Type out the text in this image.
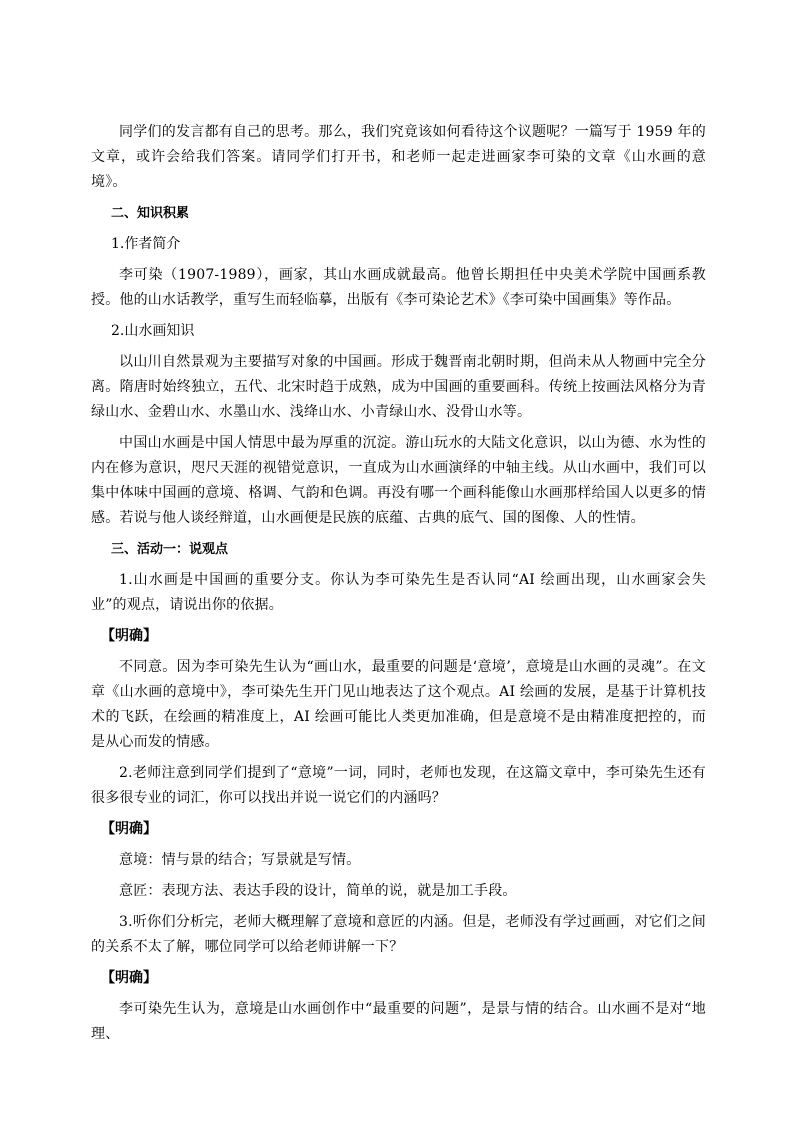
同学们的发言都有自己的思考。那么，我们究竟该如何看待这个议题呢？一篇写于 1959 年的文章，或许会给我们答案。请同学们打开书，和老师一起走进画家李可染的文章《山水画的意境》。

二、知识积累

1.作者简介

李可染（1907-1989），画家，其山水画成就最高。他曾长期担任中央美术学院中国画系教授。他的山水话教学，重写生而轻临摹，出版有《李可染论艺术》《李可染中国画集》等作品。

2.山水画知识

以山川自然景观为主要描写对象的中国画。形成于魏晋南北朝时期，但尚未从人物画中完全分离。隋唐时始终独立，五代、北宋时趋于成熟，成为中国画的重要画科。传统上按画法风格分为青绿山水、金碧山水、水墨山水、浅绛山水、小青绿山水、没骨山水等。

中国山水画是中国人情思中最为厚重的沉淀。游山玩水的大陆文化意识，以山为德、水为性的内在修为意识，咫尺天涯的视错觉意识，一直成为山水画演绎的中轴主线。从山水画中，我们可以集中体味中国画的意境、格调、气韵和色调。再没有哪一个画科能像山水画那样给国人以更多的情感。若说与他人谈经辩道，山水画便是民族的底蕴、古典的底气、国的图像、人的性情。

三、活动一：说观点

1.山水画是中国画的重要分支。你认为李可染先生是否认同“AI 绘画出现，山水画家会失业”的观点，请说出你的依据。

【明确】

不同意。因为李可染先生认为“画山水，最重要的问题是‘意境’，意境是山水画的灵魂”。在文章《山水画的意境中》，李可染先生开门见山地表达了这个观点。AI 绘画的发展，是基于计算机技术的飞跃，在绘画的精准度上，AI 绘画可能比人类更加准确，但是意境不是由精准度把控的，而是从心而发的情感。

2.老师注意到同学们提到了“意境”一词，同时，老师也发现，在这篇文章中，李可染先生还有很多很专业的词汇，你可以找出并说一说它们的内涵吗？

【明确】

意境：情与景的结合；写景就是写情。

意匠：表现方法、表达手段的设计，简单的说，就是加工手段。

3.听你们分析完，老师大概理解了意境和意匠的内涵。但是，老师没有学过画画，对它们之间的关系不太了解，哪位同学可以给老师讲解一下？

【明确】

李可染先生认为，意境是山水画创作中“最重要的问题”，是景与情的结合。山水画不是对“地理、
